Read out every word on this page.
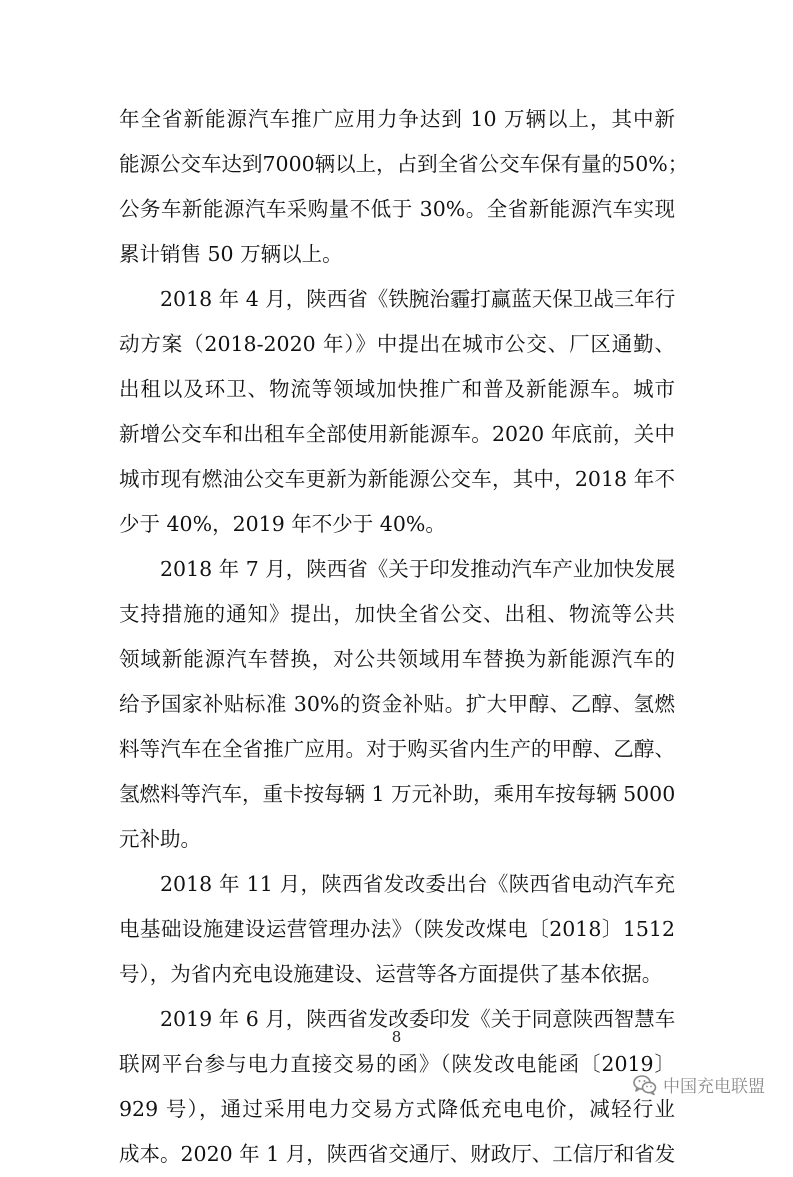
年全省新能源汽车推广应用力争达到 10 万辆以上，其中新
能源公交车达到7000辆以上，占到全省公交车保有量的50%；
公务车新能源汽车采购量不低于 30%。全省新能源汽车实现
累计销售 50 万辆以上。
2018 年 4 月，陕西省《铁腕治霾打赢蓝天保卫战三年行
动方案（2018-2020 年）》中提出在城市公交、厂区通勤、
出租以及环卫、物流等领域加快推广和普及新能源车。城市
新增公交车和出租车全部使用新能源车。2020 年底前，关中
城市现有燃油公交车更新为新能源公交车，其中，2018 年不
少于 40%，2019 年不少于 40%。
2018 年 7 月，陕西省《关于印发推动汽车产业加快发展
支持措施的通知》提出，加快全省公交、出租、物流等公共
领域新能源汽车替换，对公共领域用车替换为新能源汽车的
给予国家补贴标准 30%的资金补贴。扩大甲醇、乙醇、氢燃
料等汽车在全省推广应用。对于购买省内生产的甲醇、乙醇、
氢燃料等汽车，重卡按每辆 1 万元补助，乘用车按每辆 5000
元补助。
2018 年 11 月，陕西省发改委出台《陕西省电动汽车充
电基础设施建设运营管理办法》（陕发改煤电〔2018〕1512
号），为省内充电设施建设、运营等各方面提供了基本依据。
2019 年 6 月，陕西省发改委印发《关于同意陕西智慧车
联网平台参与电力直接交易的函》（陕发改电能函〔2019〕
929 号），通过采用电力交易方式降低充电电价，减轻行业
成本。2020 年 1 月，陕西省交通厅、财政厅、工信厅和省发
8
中国充电联盟
